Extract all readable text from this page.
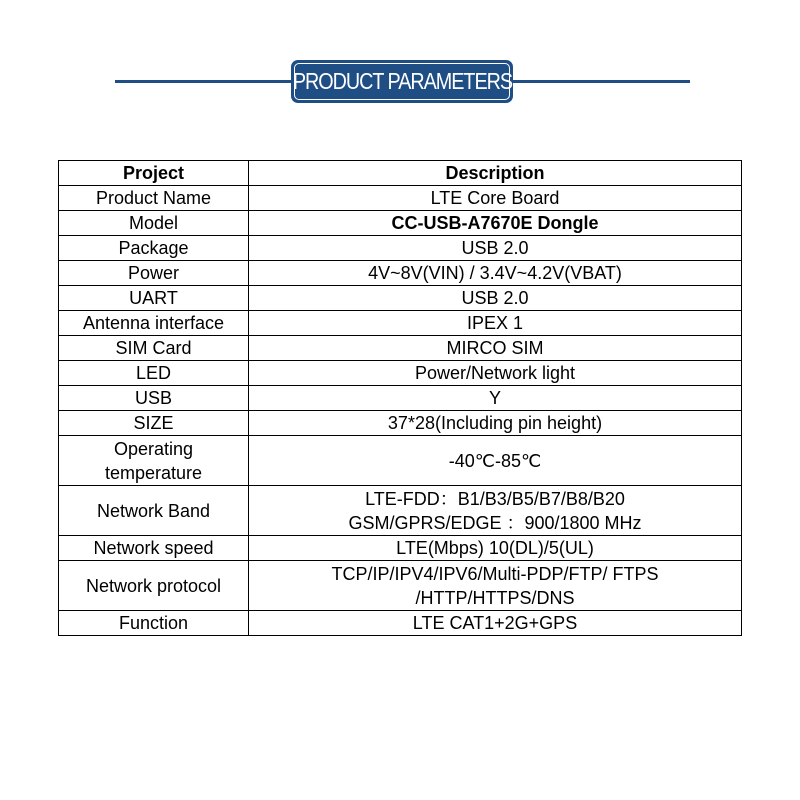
PRODUCT PARAMETERS
Project	Description
Product Name	LTE Core Board
Model	CC-USB-A7670E Dongle
Package	USB 2.0
Power	4V~8V(VIN) / 3.4V~4.2V(VBAT)
UART	USB 2.0
Antenna interface	IPEX 1
SIM Card	MIRCO SIM
LED	Power/Network light
USB	Y
SIZE	37*28(Including pin height)

Operating
temperature	-40℃-85℃
Network Band	LTE-FDD：B1/B3/B5/B7/B8/B20
GSM/GPRS/EDGE ：900/1800 MHz

Network speed	LTE(Mbps) 10(DL)/5(UL)
Network protocol	TCP/IP/IPV4/IPV6/Multi-PDP/FTP/ FTPS
/HTTP/HTTPS/DNS

Function	LTE CAT1+2G+GPS
